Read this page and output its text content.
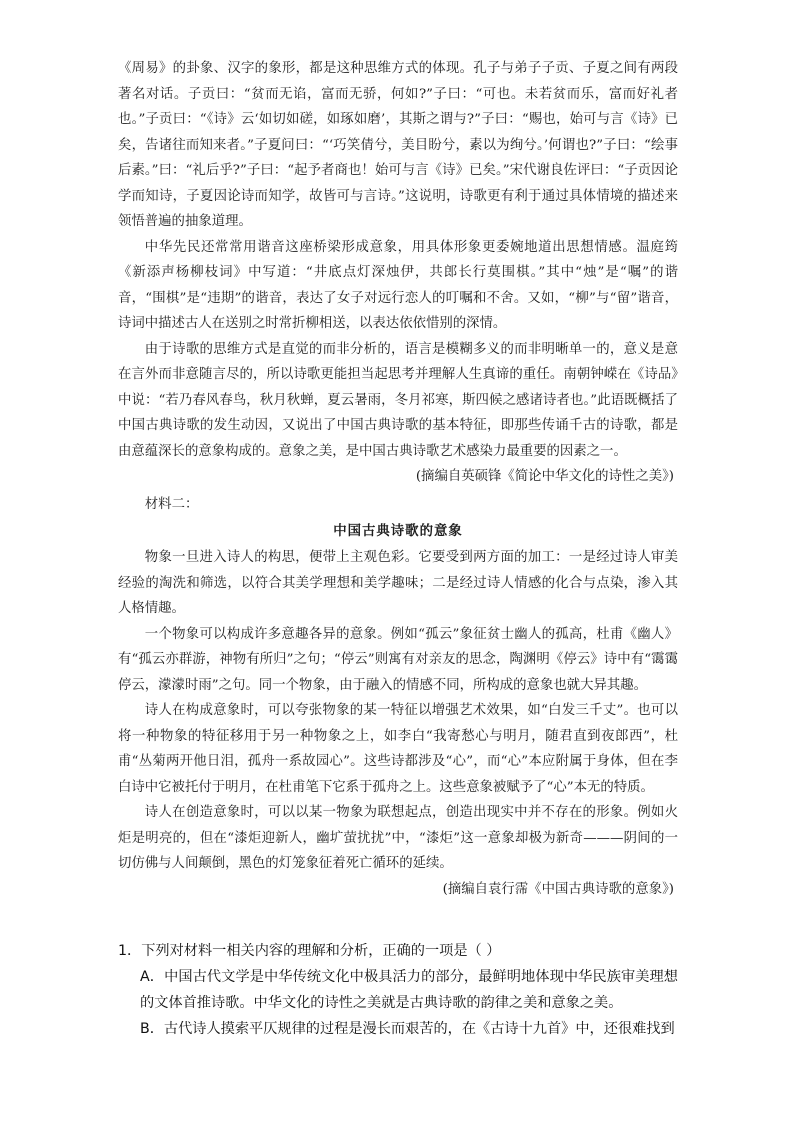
《周易》的卦象、汉字的象形，都是这种思维方式的体现。孔子与弟子子贡、子夏之间有两段著名对话。子贡曰：“贫而无谄，富而无骄，何如?”子曰：“可也。未若贫而乐，富而好礼者也。”子贡曰：“《诗》云‘如切如磋，如琢如磨’，其斯之谓与?”子曰：“赐也，始可与言《诗》已矣，告诸往而知来者。”子夏问曰：“‘巧笑倩兮，美目盼兮，素以为绚兮。’何谓也?”子曰：“绘事后素。”曰：“礼后乎?”子曰：“起予者商也！始可与言《诗》已矣。”宋代谢良佐评曰：“子贡因论学而知诗，子夏因论诗而知学，故皆可与言诗。”这说明，诗歌更有利于通过具体情境的描述来领悟普遍的抽象道理。

中华先民还常常用谐音这座桥梁形成意象，用具体形象更委婉地道出思想情感。温庭筠《新添声杨柳枝词》中写道：“井底点灯深烛伊，共郎长行莫围棋。”其中“烛”是“嘱”的谐音，“围棋”是“违期”的谐音，表达了女子对远行恋人的叮嘱和不舍。又如，“柳”与“留”谐音，诗词中描述古人在送别之时常折柳相送，以表达依依惜别的深情。

由于诗歌的思维方式是直觉的而非分析的，语言是模糊多义的而非明晰单一的，意义是意在言外而非意随言尽的，所以诗歌更能担当起思考并理解人生真谛的重任。南朝钟嵘在《诗品》中说：“若乃春风春鸟，秋月秋蝉，夏云暑雨，冬月祁寒，斯四候之感诸诗者也。”此语既概括了中国古典诗歌的发生动因，又说出了中国古典诗歌的基本特征，即那些传诵千古的诗歌，都是由意蕴深长的意象构成的。意象之美，是中国古典诗歌艺术感染力最重要的因素之一。

(摘编自英硕锋《简论中华文化的诗性之美》)

材料二：

中国古典诗歌的意象

物象一旦进入诗人的构思，便带上主观色彩。它要受到两方面的加工：一是经过诗人审美经验的淘洗和筛选，以符合其美学理想和美学趣味；二是经过诗人情感的化合与点染，渗入其人格情趣。

一个物象可以构成许多意趣各异的意象。例如“孤云”象征贫士幽人的孤高，杜甫《幽人》有“孤云亦群游，神物有所归”之句；“停云”则寓有对亲友的思念，陶渊明《停云》诗中有“霭霭停云，濛濛时雨”之句。同一个物象，由于融入的情感不同，所构成的意象也就大异其趣。

诗人在构成意象时，可以夸张物象的某一特征以增强艺术效果，如“白发三千丈”。也可以将一种物象的特征移用于另一种物象之上，如李白“我寄愁心与明月，随君直到夜郎西”，杜甫“丛菊两开他日泪，孤舟一系故园心”。这些诗都涉及“心”，而“心”本应附属于身体，但在李白诗中它被托付于明月，在杜甫笔下它系于孤舟之上。这些意象被赋予了“心”本无的特质。

诗人在创造意象时，可以以某一物象为联想起点，创造出现实中并不存在的形象。例如火炬是明亮的，但在“漆炬迎新人，幽圹萤扰扰”中，“漆炬”这一意象却极为新奇———阴间的一切仿佛与人间颠倒，黑色的灯笼象征着死亡循环的延续。

(摘编自袁行霈《中国古典诗歌的意象》)

1．下列对材料一相关内容的理解和分析，正确的一项是（ ）

A．中国古代文学是中华传统文化中极具活力的部分，最鲜明地体现中华民族审美理想的文体首推诗歌。中华文化的诗性之美就是古典诗歌的韵律之美和意象之美。

B．古代诗人摸索平仄规律的过程是漫长而艰苦的，在《古诗十九首》中，还很难找到
